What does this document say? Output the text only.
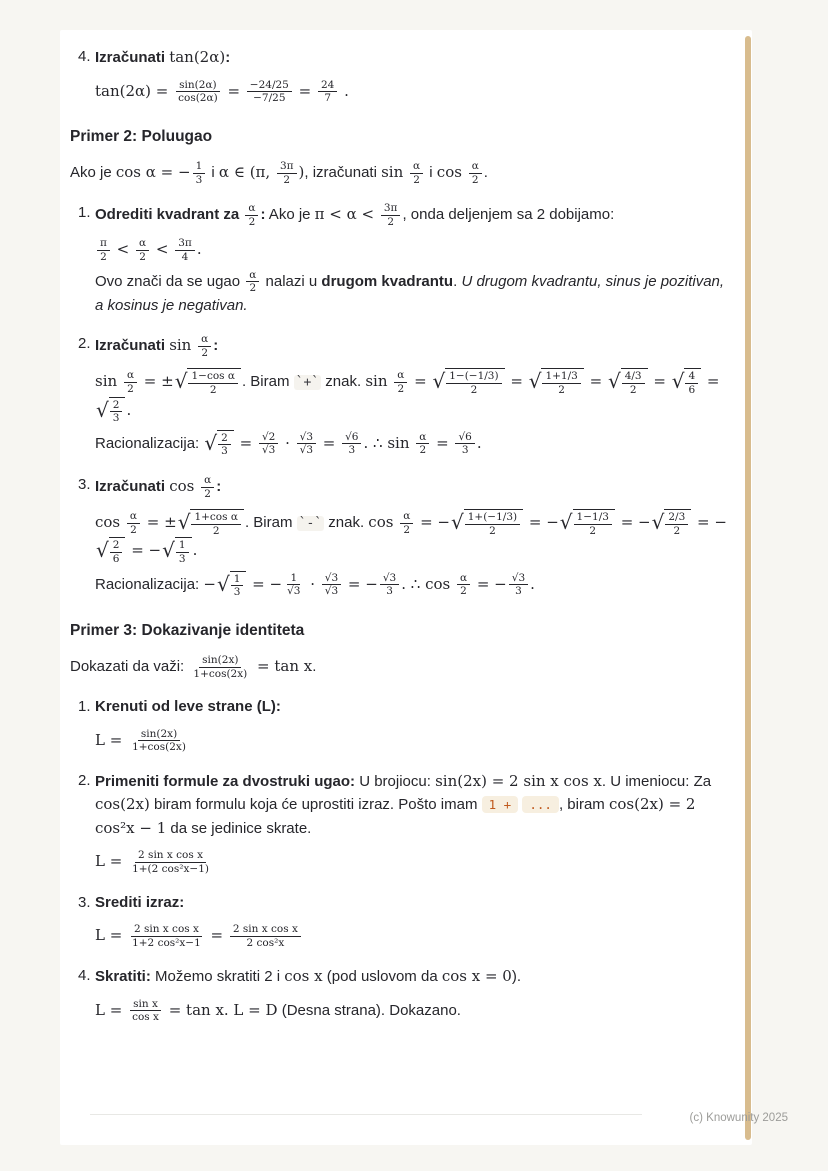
4. Izračunati tan(2α):
$\tan(2\alpha) = \frac{\sin(2\alpha)}{\cos(2\alpha)} = \frac{-24/25}{-7/25} = \frac{24}{7}$ .
Primer 2: Poluugao
Ako je cos α = − $\frac{1}{3}$ i α ∈ (π, $\frac{3\pi}{2}$ ), izračunati $\sin \frac{\alpha}{2}$ i $\cos \frac{\alpha}{2}$ .
1. Odrediti kvadrant za $\frac{\alpha}{2}$ : Ako je $\pi < \alpha < \frac{3\pi}{2}$ , onda deljenjem sa 2 dobijamo:
$\frac{\pi}{2} < \frac{\alpha}{2} < \frac{3\pi}{4}$ .
Ovo znači da se ugao $\frac{\alpha}{2}$ nalazi u drugom kvadrantu. U drugom kvadrantu, sinus je pozitivan, a kosinus je negativan.
2. Izračunati $\sin \frac{\alpha}{2}$ :
$\sin \frac{\alpha}{2}$ = ± √ $\frac{\text{1−cos α}}{2}$ . Biram `+` znak. $\sin \frac{\alpha}{2}$ = √ $\frac{1-(-1/3)}{2}$ = √ $\frac{1+1/3}{2}$ = √ $\frac{4/3}{2}$ = √ $\frac{4}{6}$ =
√ $\frac{2}{3}$ .
Racionalizacija: √ $\frac{2}{3} = \frac{√2}{√3} \cdot \frac{√3}{√3} = \frac{√6}{3}$ . ∴ $\sin \frac{\alpha}{2} = \frac{√6}{3}$ .
3. Izračunati $\cos \frac{\alpha}{2}$ :
$\cos \frac{\alpha}{2}$ = ± √ $\frac{\text{1+cos α}}{2}$ . Biram `-` znak. $\cos \frac{\alpha}{2}$ = − √ $\frac{1+(-1/3)}{2}$ = − √ $\frac{1-1/3}{2}$ = − √ $\frac{2/3}{2}$ = −
√ $\frac{2}{6}$ = − √ $\frac{1}{3}$ .
Racionalizacija: − √ $\frac{1}{3}$ = − $\frac{1}{√3} \cdot \frac{√3}{√3}$ = − $\frac{√3}{3}$ . ∴ $\cos \frac{\alpha}{2}$ = − $\frac{√3}{3}$ .
Primer 3: Dokazivanje identiteta
Dokazati da važi: $\frac{\sin(2x)}{1+\cos(2x)} = \tan x$.
1. Krenuti od leve strane (L):
$L = \frac{\sin(2x)}{1+\cos(2x)}$
2. Primeniti formule za dvostruki ugao: U brojiocu: sin(2x) = 2 sin x cos x. U imeniocu: Za cos(2x) biram formulu koja će uprostiti izraz. Pošto imam 1 + ... , biram cos(2x) = 2 cos²x − 1 da se jedinice skrate.
$L = \frac{\text{2 sin x cos x}}{\text{1+(2 cos²x−1)}}$
3. Srediti izraz:
$L = \frac{\text{2 sin x cos x}}{\text{1+2 cos²x−1}} = \frac{\text{2 sin x cos x}}{\text{2 cos²x}}$
4. Skratiti: Možemo skratiti 2 i cos x (pod uslovom da cos x = 0).
$L = \frac{\text{sin x}}{\text{cos x}} = \tan x$. L = D (Desna strana). Dokazano.
(c) Knowunity 2025
